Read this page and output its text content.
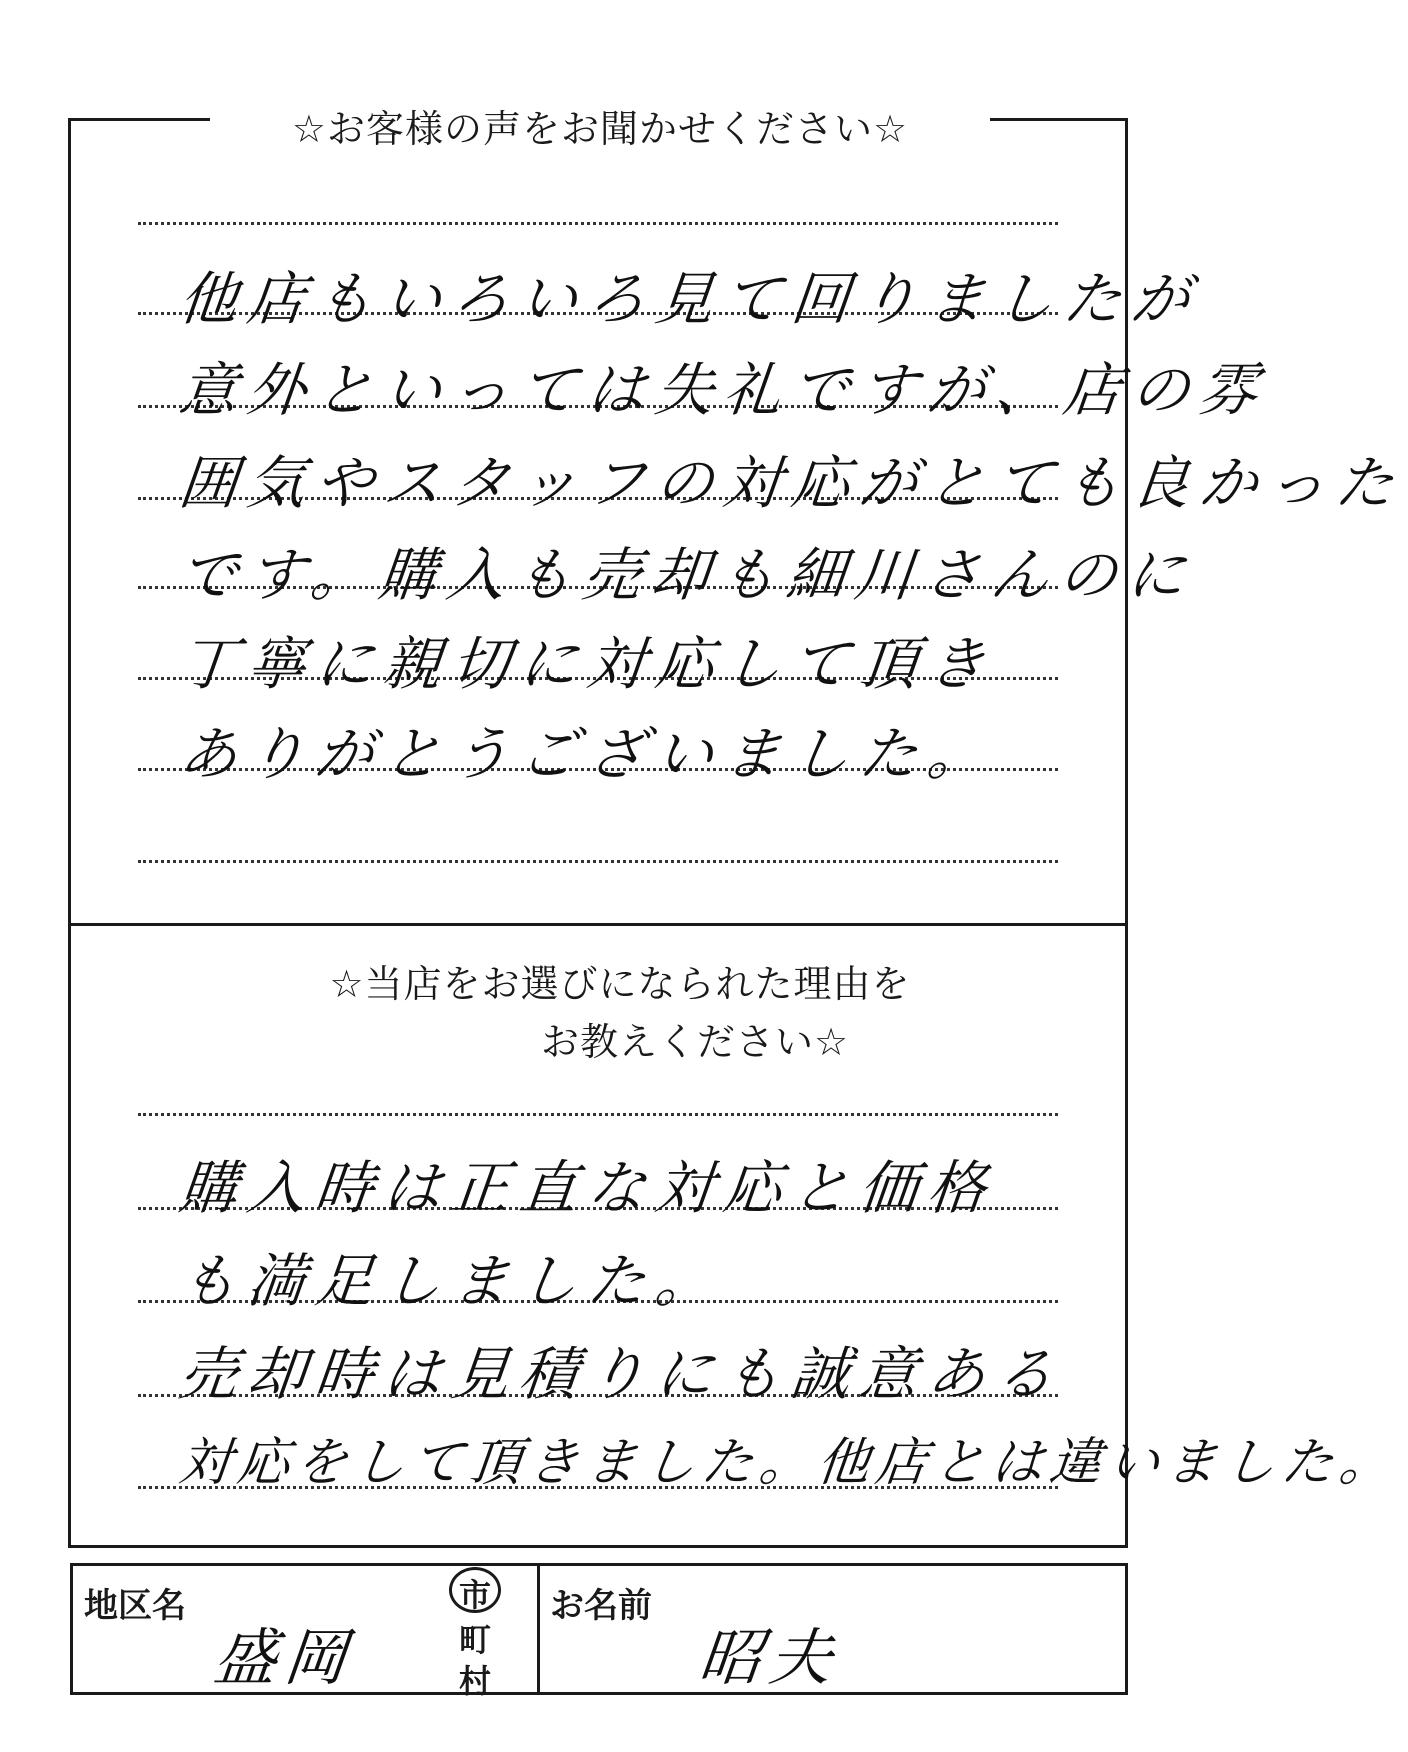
☆お客様の声をお聞かせください☆
他店もいろいろ見て回りましたが
意外といっては失礼ですが、店の雰
囲気やスタッフの対応がとても良かった
です。購入も売却も細川さんのに
丁寧に親切に対応して頂き
ありがとうございました。
☆当店をお選びになられた理由を
お教えください☆
購入時は正直な対応と価格
も満足しました。
売却時は見積りにも誠意ある
対応をして頂きました。他店とは違いました。
地区名
盛岡
市
町
村
お名前
昭夫
